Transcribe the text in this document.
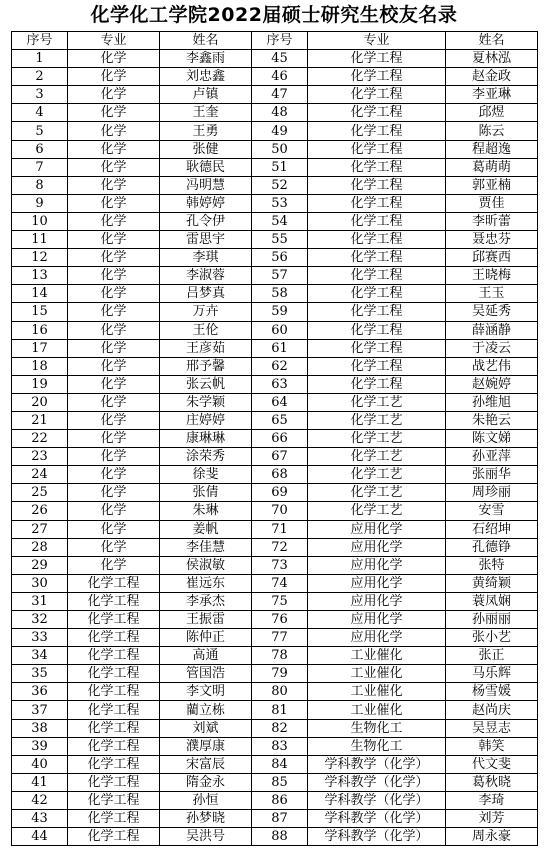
化学化工学院2022届硕士研究生校友名录
序号	专业	姓名	序号	专业	姓名
1	化学	李鑫雨	45	化学工程	夏林泓
2	化学	刘忠鑫	46	化学工程	赵金政
3	化学	卢镇	47	化学工程	李亚琳
4	化学	王奎	48	化学工程	邱煜
5	化学	王勇	49	化学工程	陈云
6	化学	张健	50	化学工程	程超逸
7	化学	耿德民	51	化学工程	葛萌萌
8	化学	冯明慧	52	化学工程	郭亚楠
9	化学	韩婷婷	53	化学工程	贾佳
10	化学	孔令伊	54	化学工程	李昕蕾
11	化学	雷思宇	55	化学工程	聂忠芬
12	化学	李琪	56	化学工程	邱赛西
13	化学	李淑蓉	57	化学工程	王晓梅
14	化学	吕梦真	58	化学工程	王玉
15	化学	万卉	59	化学工程	吴延秀
16	化学	王伦	60	化学工程	薛涵静
17	化学	王彦茹	61	化学工程	于凌云
18	化学	邢予馨	62	化学工程	战艺伟
19	化学	张云帆	63	化学工程	赵婉婷
20	化学	朱学颖	64	化学工艺	孙维旭
21	化学	庄婷婷	65	化学工艺	朱艳云
22	化学	康琳琳	66	化学工艺	陈文娣
23	化学	涂荣秀	67	化学工艺	孙亚萍
24	化学	徐斐	68	化学工艺	张丽华
25	化学	张倩	69	化学工艺	周珍丽
26	化学	朱琳	70	化学工艺	安雪
27	化学	姜帆	71	应用化学	石绍坤
28	化学	李佳慧	72	应用化学	孔德铮
29	化学	侯淑敏	73	应用化学	张特
30	化学工程	崔远东	74	应用化学	黄绮颖
31	化学工程	李承杰	75	应用化学	蓑凤娴
32	化学工程	王振雷	76	应用化学	孙丽丽
33	化学工程	陈仲正	77	应用化学	张小艺
34	化学工程	高通	78	工业催化	张正
35	化学工程	管国浩	79	工业催化	马乐辉
36	化学工程	李文明	80	工业催化	杨雪媛
37	化学工程	藺立栋	81	工业催化	赵尚庆
38	化学工程	刘斌	82	生物化工	吴昱志
39	化学工程	濮厚康	83	生物化工	韩笑
40	化学工程	宋富辰	84	学科教学（化学）	代文斐
41	化学工程	隋金永	85	学科教学（化学）	葛秋晓
42	化学工程	孙恒	86	学科教学（化学）	李琦
43	化学工程	孙梦晓	87	学科教学（化学）	刘芳
44	化学工程	吴洪号	88	学科教学（化学）	周永豪
